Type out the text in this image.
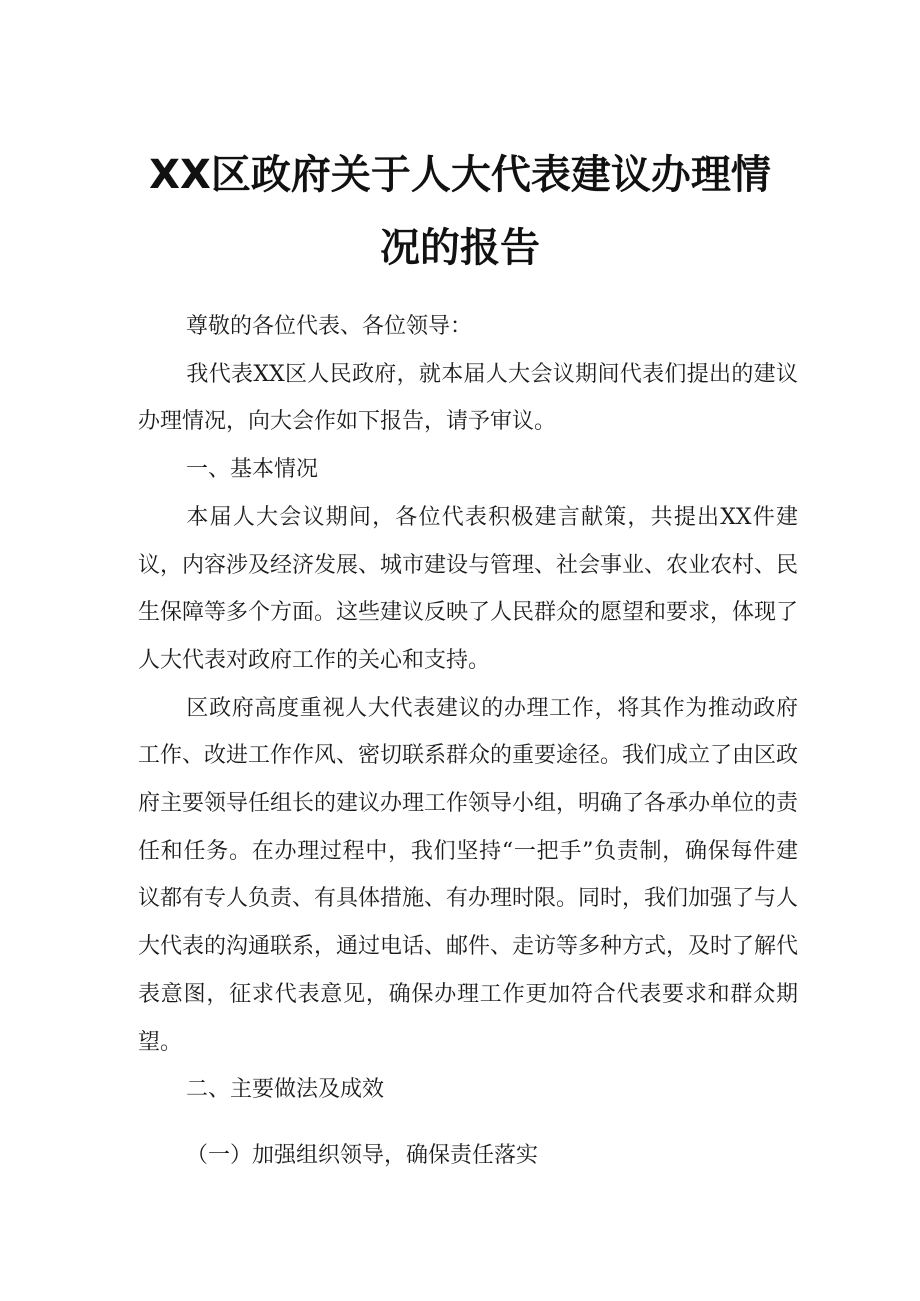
XX区政府关于人大代表建议办理情
况的报告

尊敬的各位代表、各位领导：

我代表XX区人民政府，就本届人大会议期间代表们提出的建议办理情况，向大会作如下报告，请予审议。

一、基本情况

本届人大会议期间，各位代表积极建言献策，共提出XX件建议，内容涉及经济发展、城市建设与管理、社会事业、农业农村、民生保障等多个方面。这些建议反映了人民群众的愿望和要求，体现了人大代表对政府工作的关心和支持。

区政府高度重视人大代表建议的办理工作，将其作为推动政府工作、改进工作作风、密切联系群众的重要途径。我们成立了由区政府主要领导任组长的建议办理工作领导小组，明确了各承办单位的责任和任务。在办理过程中，我们坚持“一把手”负责制，确保每件建议都有专人负责、有具体措施、有办理时限。同时，我们加强了与人大代表的沟通联系，通过电话、邮件、走访等多种方式，及时了解代表意图，征求代表意见，确保办理工作更加符合代表要求和群众期望。

二、主要做法及成效

（一）加强组织领导，确保责任落实
